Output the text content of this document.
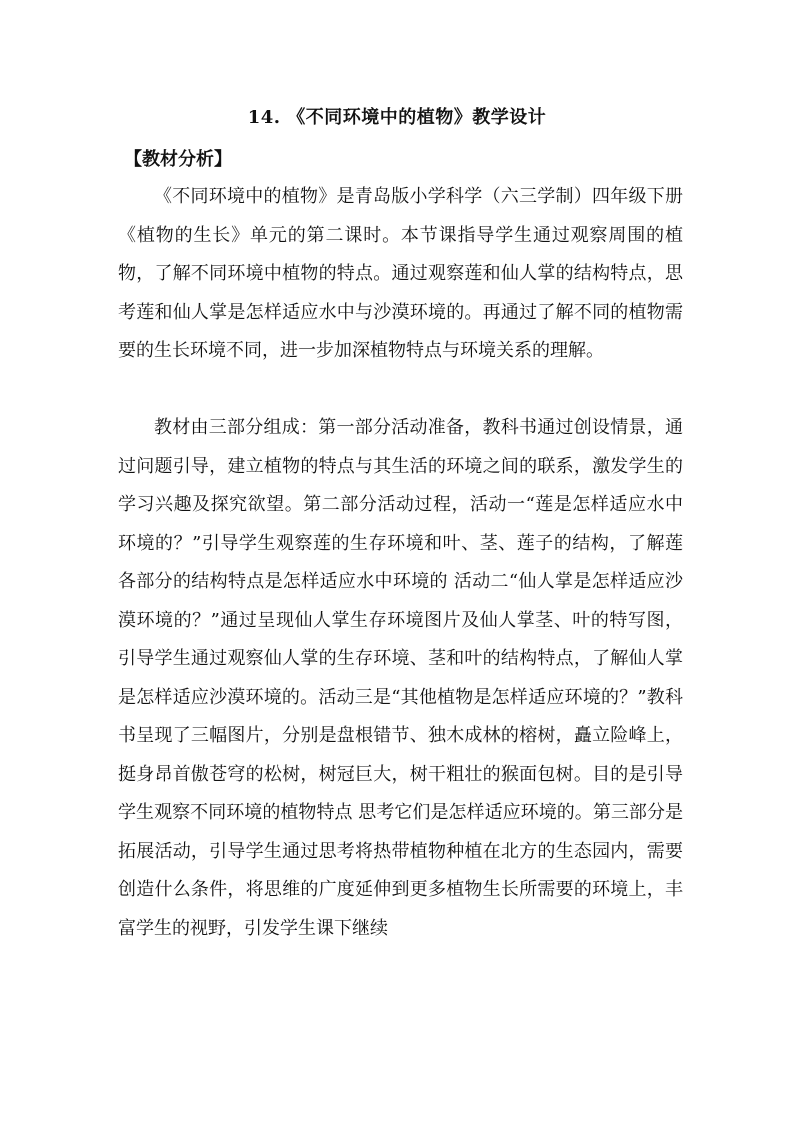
14. 《不同环境中的植物》教学设计
【教材分析】

《不同环境中的植物》是青岛版小学科学（六三学制）四年级下册《植物的生长》单元的第二课时。本节课指导学生通过观察周围的植物，了解不同环境中植物的特点。通过观察莲和仙人掌的结构特点，思考莲和仙人掌是怎样适应水中与沙漠环境的。再通过了解不同的植物需要的生长环境不同，进一步加深植物特点与环境关系的理解。

教材由三部分组成：第一部分活动准备，教科书通过创设情景，通过问题引导，建立植物的特点与其生活的环境之间的联系，激发学生的学习兴趣及探究欲望。第二部分活动过程，活动一“莲是怎样适应水中环境的？”引导学生观察莲的生存环境和叶、茎、莲子的结构，了解莲各部分的结构特点是怎样适应水中环境的 活动二“仙人掌是怎样适应沙漠环境的？”通过呈现仙人掌生存环境图片及仙人掌茎、叶的特写图，引导学生通过观察仙人掌的生存环境、茎和叶的结构特点，了解仙人掌是怎样适应沙漠环境的。活动三是“其他植物是怎样适应环境的？”教科书呈现了三幅图片，分别是盘根错节、独木成林的榕树，矗立险峰上， 挺身昂首傲苍穹的松树，树冠巨大，树干粗壮的猴面包树。目的是引导学生观察不同环境的植物特点 思考它们是怎样适应环境的。第三部分是拓展活动，引导学生通过思考将热带植物种植在北方的生态园内，需要创造什么条件，将思维的广度延伸到更多植物生长所需要的环境上，丰富学生的视野，引发学生课下继续
